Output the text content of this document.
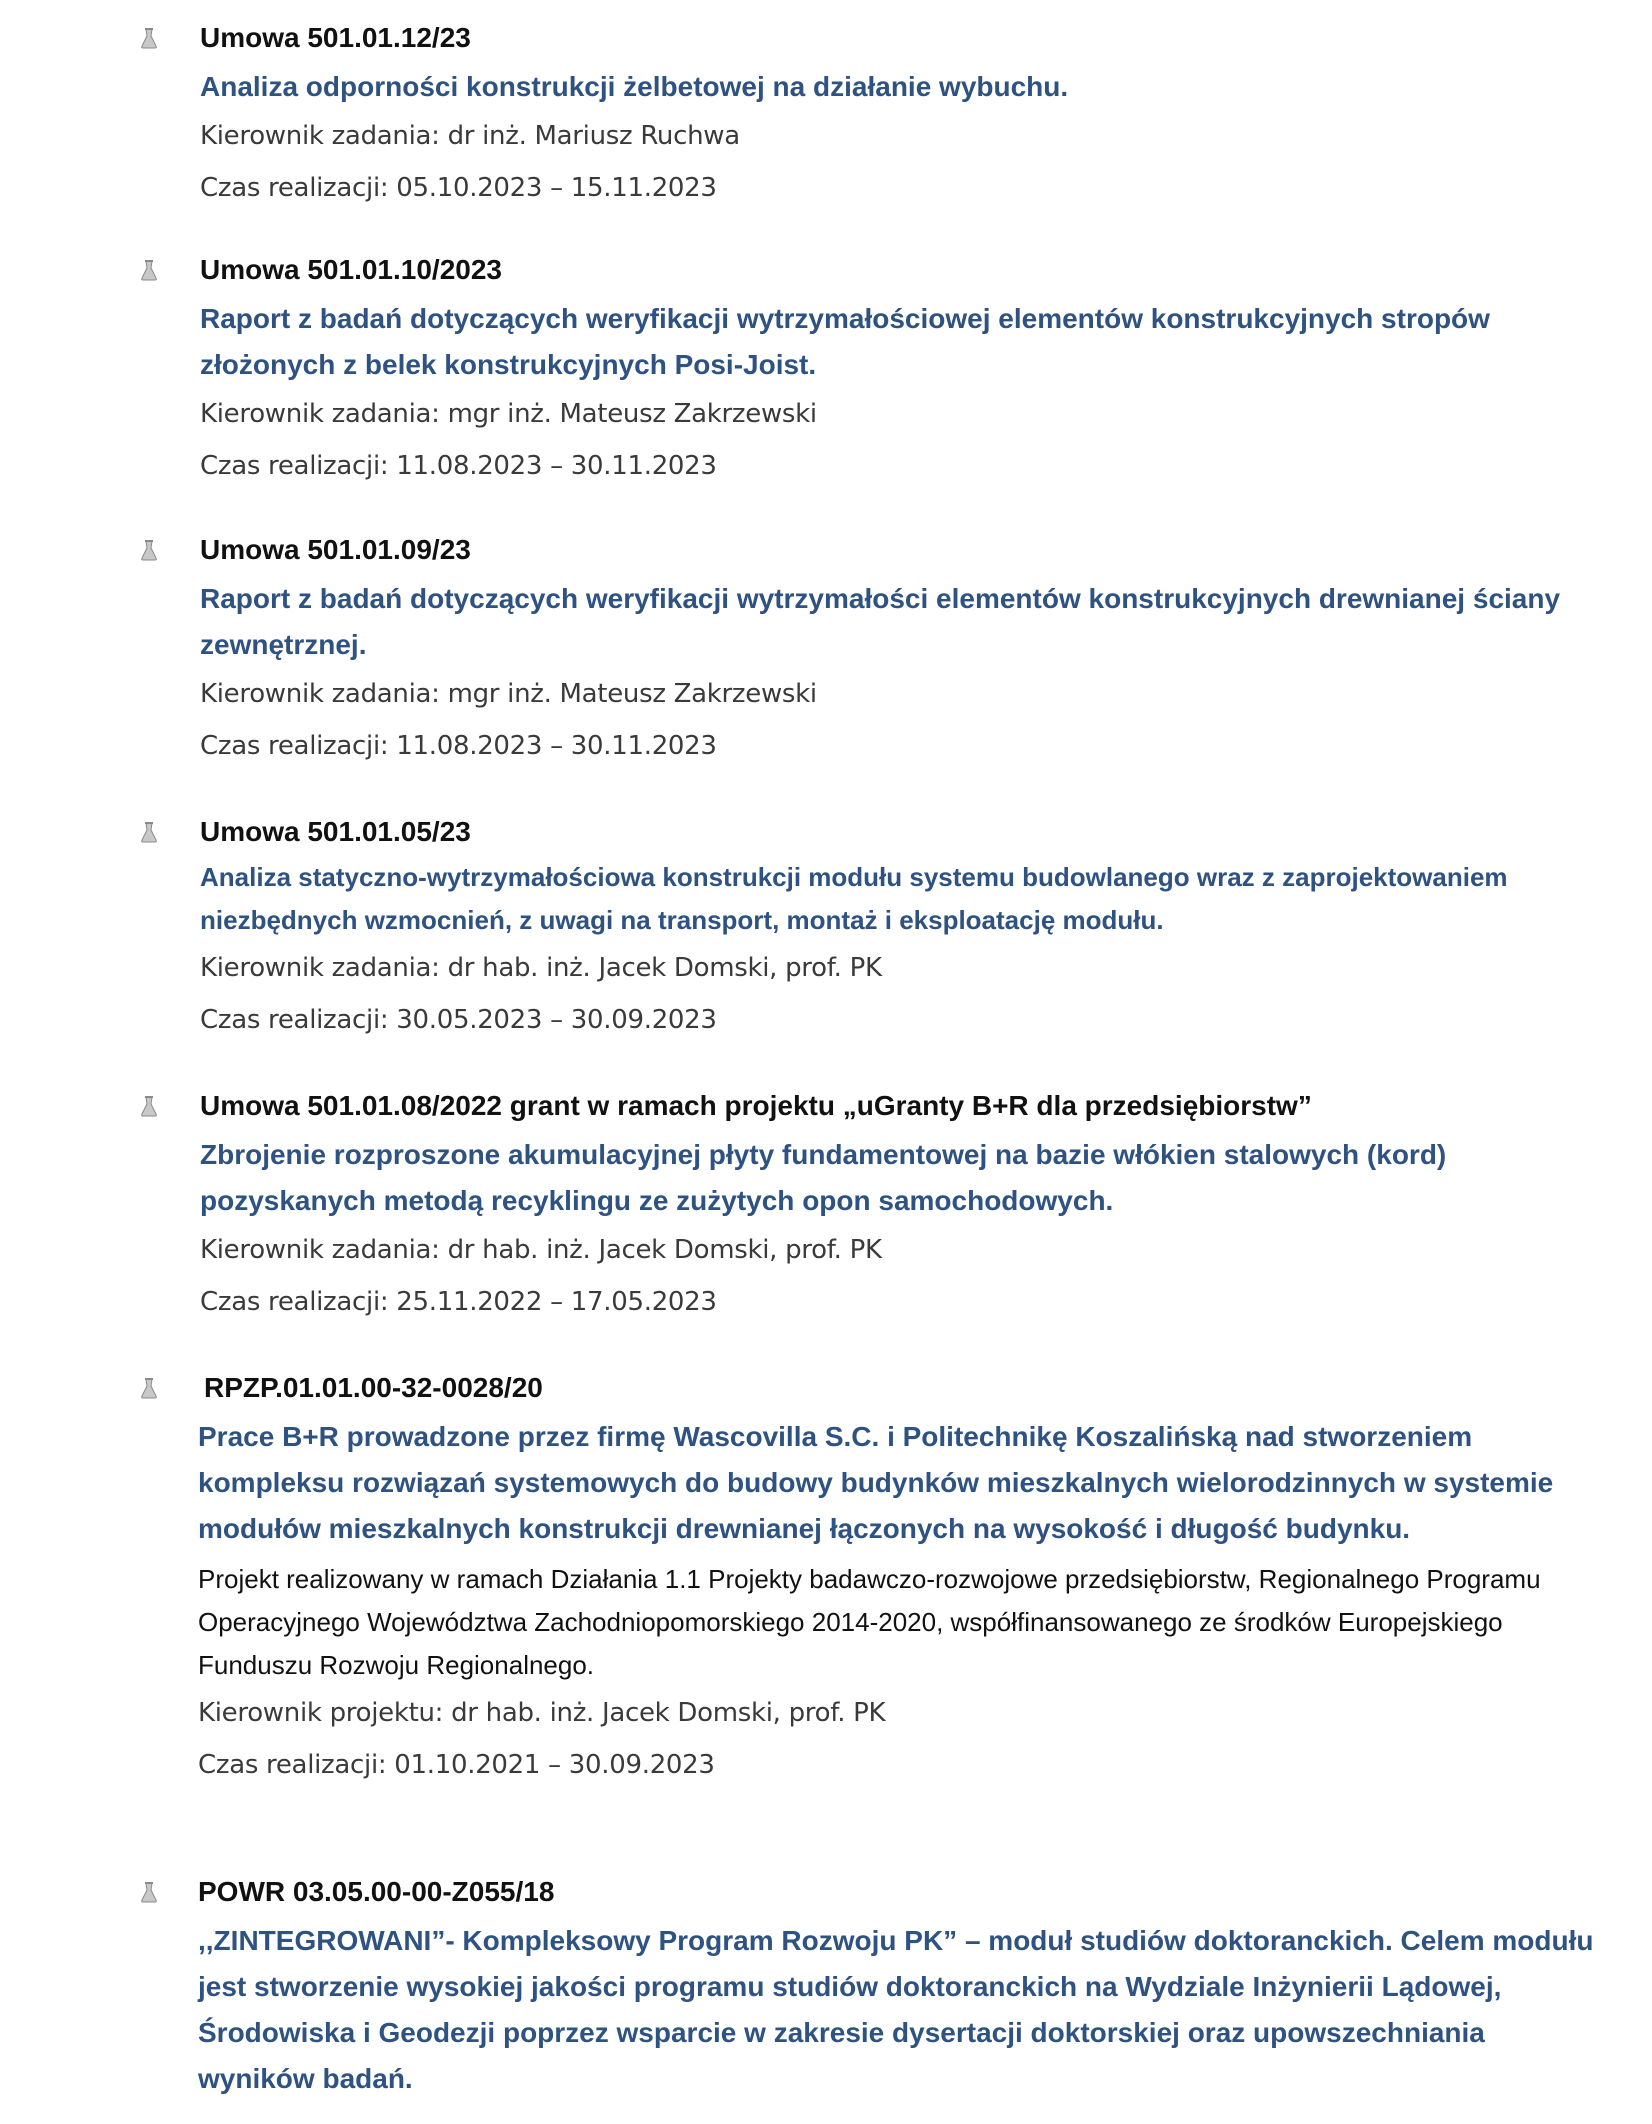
Umowa 501.01.12/23
Analiza odporności konstrukcji żelbetowej na działanie wybuchu.
Kierownik zadania: dr inż. Mariusz Ruchwa
Czas realizacji: 05.10.2023 – 15.11.2023
Umowa 501.01.10/2023
Raport z badań dotyczących weryfikacji wytrzymałościowej elementów konstrukcyjnych stropów złożonych z belek konstrukcyjnych Posi-Joist.
Kierownik zadania: mgr inż. Mateusz Zakrzewski
Czas realizacji: 11.08.2023 – 30.11.2023
Umowa 501.01.09/23
Raport z badań dotyczących weryfikacji wytrzymałości elementów konstrukcyjnych drewnianej ściany zewnętrznej.
Kierownik zadania: mgr inż. Mateusz Zakrzewski
Czas realizacji: 11.08.2023 – 30.11.2023
Umowa 501.01.05/23
Analiza statyczno-wytrzymałościowa konstrukcji modułu systemu budowlanego wraz z zaprojektowaniem niezbędnych wzmocnień, z uwagi na transport, montaż i eksploatację modułu.
Kierownik zadania: dr hab. inż. Jacek Domski, prof. PK
Czas realizacji: 30.05.2023 – 30.09.2023
Umowa 501.01.08/2022 grant w ramach projektu „uGranty B+R dla przedsiębiorstw”
Zbrojenie rozproszone akumulacyjnej płyty fundamentowej na bazie włókien stalowych (kord) pozyskanych metodą recyklingu ze zużytych opon samochodowych.
Kierownik zadania: dr hab. inż. Jacek Domski, prof. PK
Czas realizacji: 25.11.2022 – 17.05.2023
RPZP.01.01.00-32-0028/20
Prace B+R prowadzone przez firmę Wascovilla S.C. i Politechnikę Koszalińską nad stworzeniem kompleksu rozwiązań systemowych do budowy budynków mieszkalnych wielorodzinnych w systemie modułów mieszkalnych konstrukcji drewnianej łączonych na wysokość i długość budynku.
Projekt realizowany w ramach Działania 1.1 Projekty badawczo-rozwojowe przedsiębiorstw, Regionalnego Programu Operacyjnego Województwa Zachodniopomorskiego 2014-2020, współfinansowanego ze środków Europejskiego Funduszu Rozwoju Regionalnego.
Kierownik projektu: dr hab. inż. Jacek Domski, prof. PK
Czas realizacji: 01.10.2021 – 30.09.2023
POWR 03.05.00-00-Z055/18
,,ZINTEGROWANI”- Kompleksowy Program Rozwoju PK” – moduł studiów doktoranckich. Celem modułu jest stworzenie wysokiej jakości programu studiów doktoranckich na Wydziale Inżynierii Lądowej, Środowiska i Geodezji poprzez wsparcie w zakresie dysertacji doktorskiej oraz upowszechniania wyników badań.
